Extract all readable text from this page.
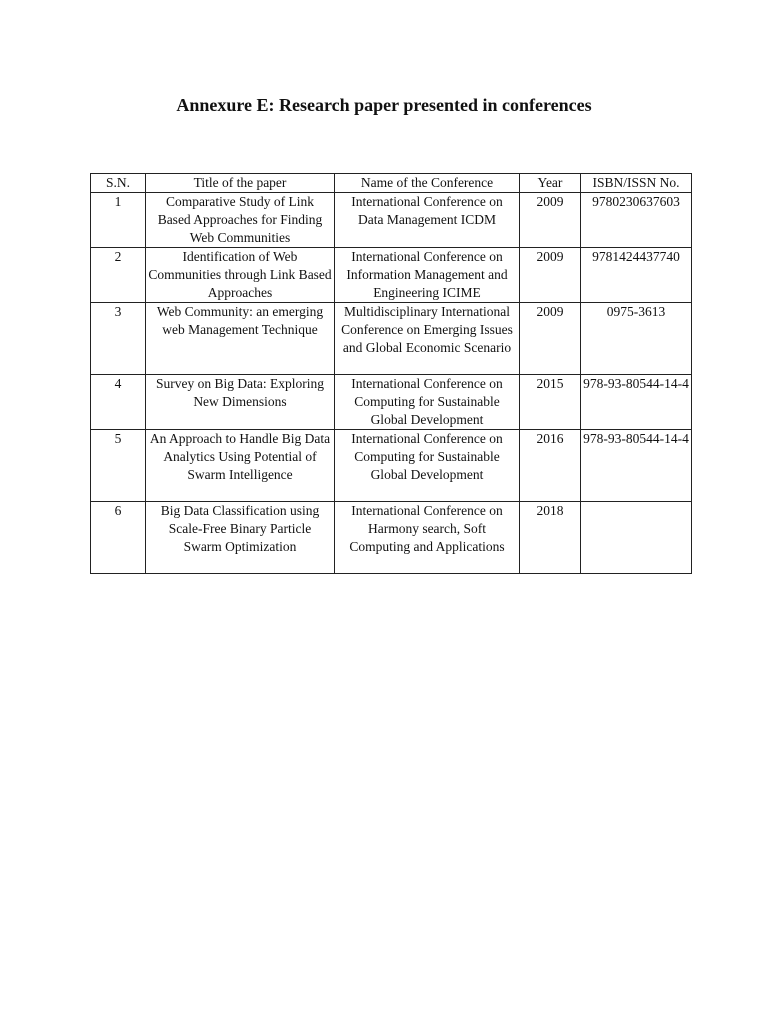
Annexure E: Research paper presented in conferences
S.N.	Title of the paper	Name of the Conference	Year	ISBN/ISSN No.
1	Comparative Study of Link Based Approaches for Finding Web Communities	International Conference on Data Management ICDM	2009	9780230637603
2	Identification of Web Communities through Link Based Approaches	International Conference on Information Management and Engineering ICIME	2009	9781424437740
3	Web Community: an emerging web Management Technique	Multidisciplinary International Conference on Emerging Issues and Global Economic Scenario	2009	0975-3613
4	Survey on Big Data: Exploring New Dimensions	International Conference on Computing for Sustainable Global Development	2015	978-93-80544-14-4
5	An Approach to Handle Big Data Analytics Using Potential of Swarm Intelligence	International Conference on Computing for Sustainable Global Development	2016	978-93-80544-14-4
6	Big Data Classification using Scale-Free Binary Particle Swarm Optimization	International Conference on Harmony search, Soft Computing and Applications	2018	
